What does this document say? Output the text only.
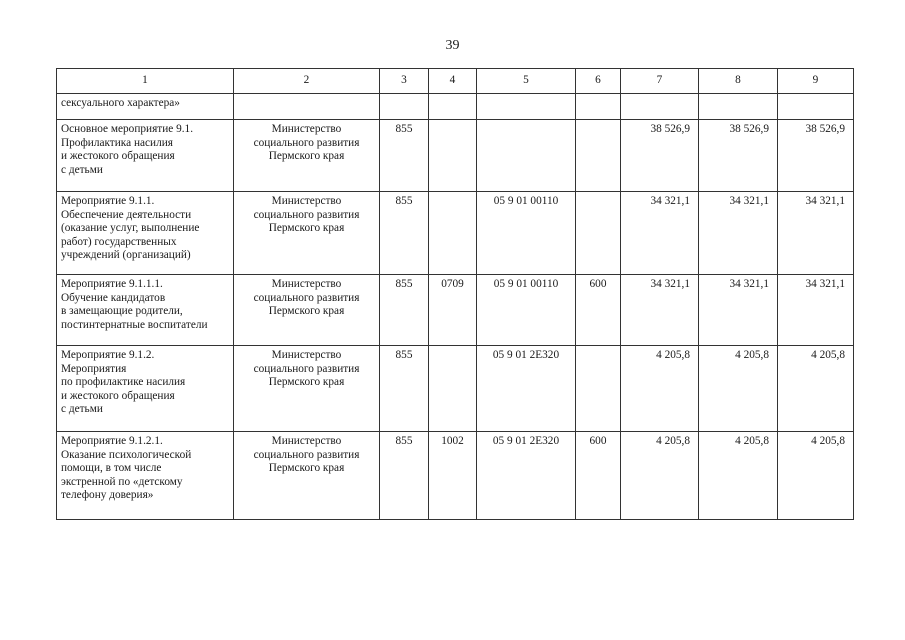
39
1	2	3	4	5	6	7	8	9
сексуального характера»								
Основное мероприятие 9.1.
Профилактика насилия
и жестокого обращения
с детьми	Министерство
социального развития
Пермского края	855				38 526,9	38 526,9	38 526,9
Мероприятие 9.1.1.
Обеспечение деятельности
(оказание услуг, выполнение
работ) государственных
учреждений (организаций)	Министерство
социального развития
Пермского края	855		05 9 01 00110		34 321,1	34 321,1	34 321,1
Мероприятие 9.1.1.1.
Обучение кандидатов
в замещающие родители,
постинтернатные воспитатели	Министерство
социального развития
Пермского края	855	0709	05 9 01 00110	600	34 321,1	34 321,1	34 321,1
Мероприятие 9.1.2.
Мероприятия
по профилактике насилия
и жестокого обращения
с детьми	Министерство
социального развития
Пермского края	855		05 9 01 2Е320		4 205,8	4 205,8	4 205,8
Мероприятие 9.1.2.1.
Оказание психологической
помощи, в том числе
экстренной по «детскому
телефону доверия»	Министерство
социального развития
Пермского края	855	1002	05 9 01 2Е320	600	4 205,8	4 205,8	4 205,8
